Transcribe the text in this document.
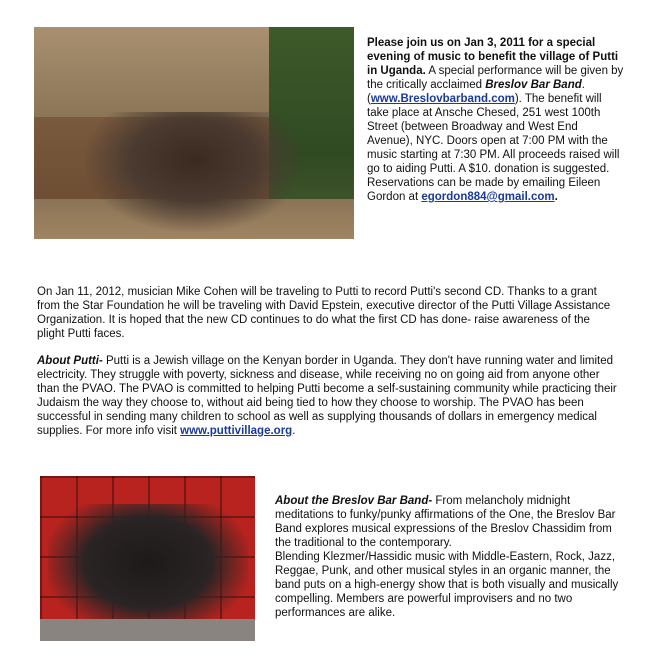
Please join us on Jan 3, 2011 for a special evening of music to benefit the village of Putti in Uganda. A special performance will be given by the critically acclaimed Breslov Bar Band. (www.Breslovbarband.com). The benefit will take place at Ansche Chesed, 251 west 100th Street (between Broadway and West End Avenue), NYC. Doors open at 7:00 PM with the music starting at 7:30 PM. All proceeds raised will go to aiding Putti. A $10. donation is suggested. Reservations can be made by emailing Eileen Gordon at egordon884@gmail.com.

On Jan 11, 2012, musician Mike Cohen will be traveling to Putti to record Putti's second CD. Thanks to a grant from the Star Foundation he will be traveling with David Epstein, executive director of the Putti Village Assistance Organization. It is hoped that the new CD continues to do what the first CD has done- raise awareness of the plight Putti faces.

About Putti- Putti is a Jewish village on the Kenyan border in Uganda. They don't have running water and limited electricity. They struggle with poverty, sickness and disease, while receiving no on going aid from anyone other than the PVAO. The PVAO is committed to helping Putti become a self-sustaining community while practicing their Judaism the way they choose to, without aid being tied to how they choose to worship. The PVAO has been successful in sending many children to school as well as supplying thousands of dollars in emergency medical supplies. For more info visit www.puttivillage.org.

About the Breslov Bar Band- From melancholy midnight meditations to funky/punky affirmations of the One, the Breslov Bar Band explores musical expressions of the Breslov Chassidim from the traditional to the contemporary.

Blending Klezmer/Hassidic music with Middle-Eastern, Rock, Jazz, Reggae, Punk, and other musical styles in an organic manner, the band puts on a high-energy show that is both visually and musically compelling. Members are powerful improvisers and no two performances are alike.
